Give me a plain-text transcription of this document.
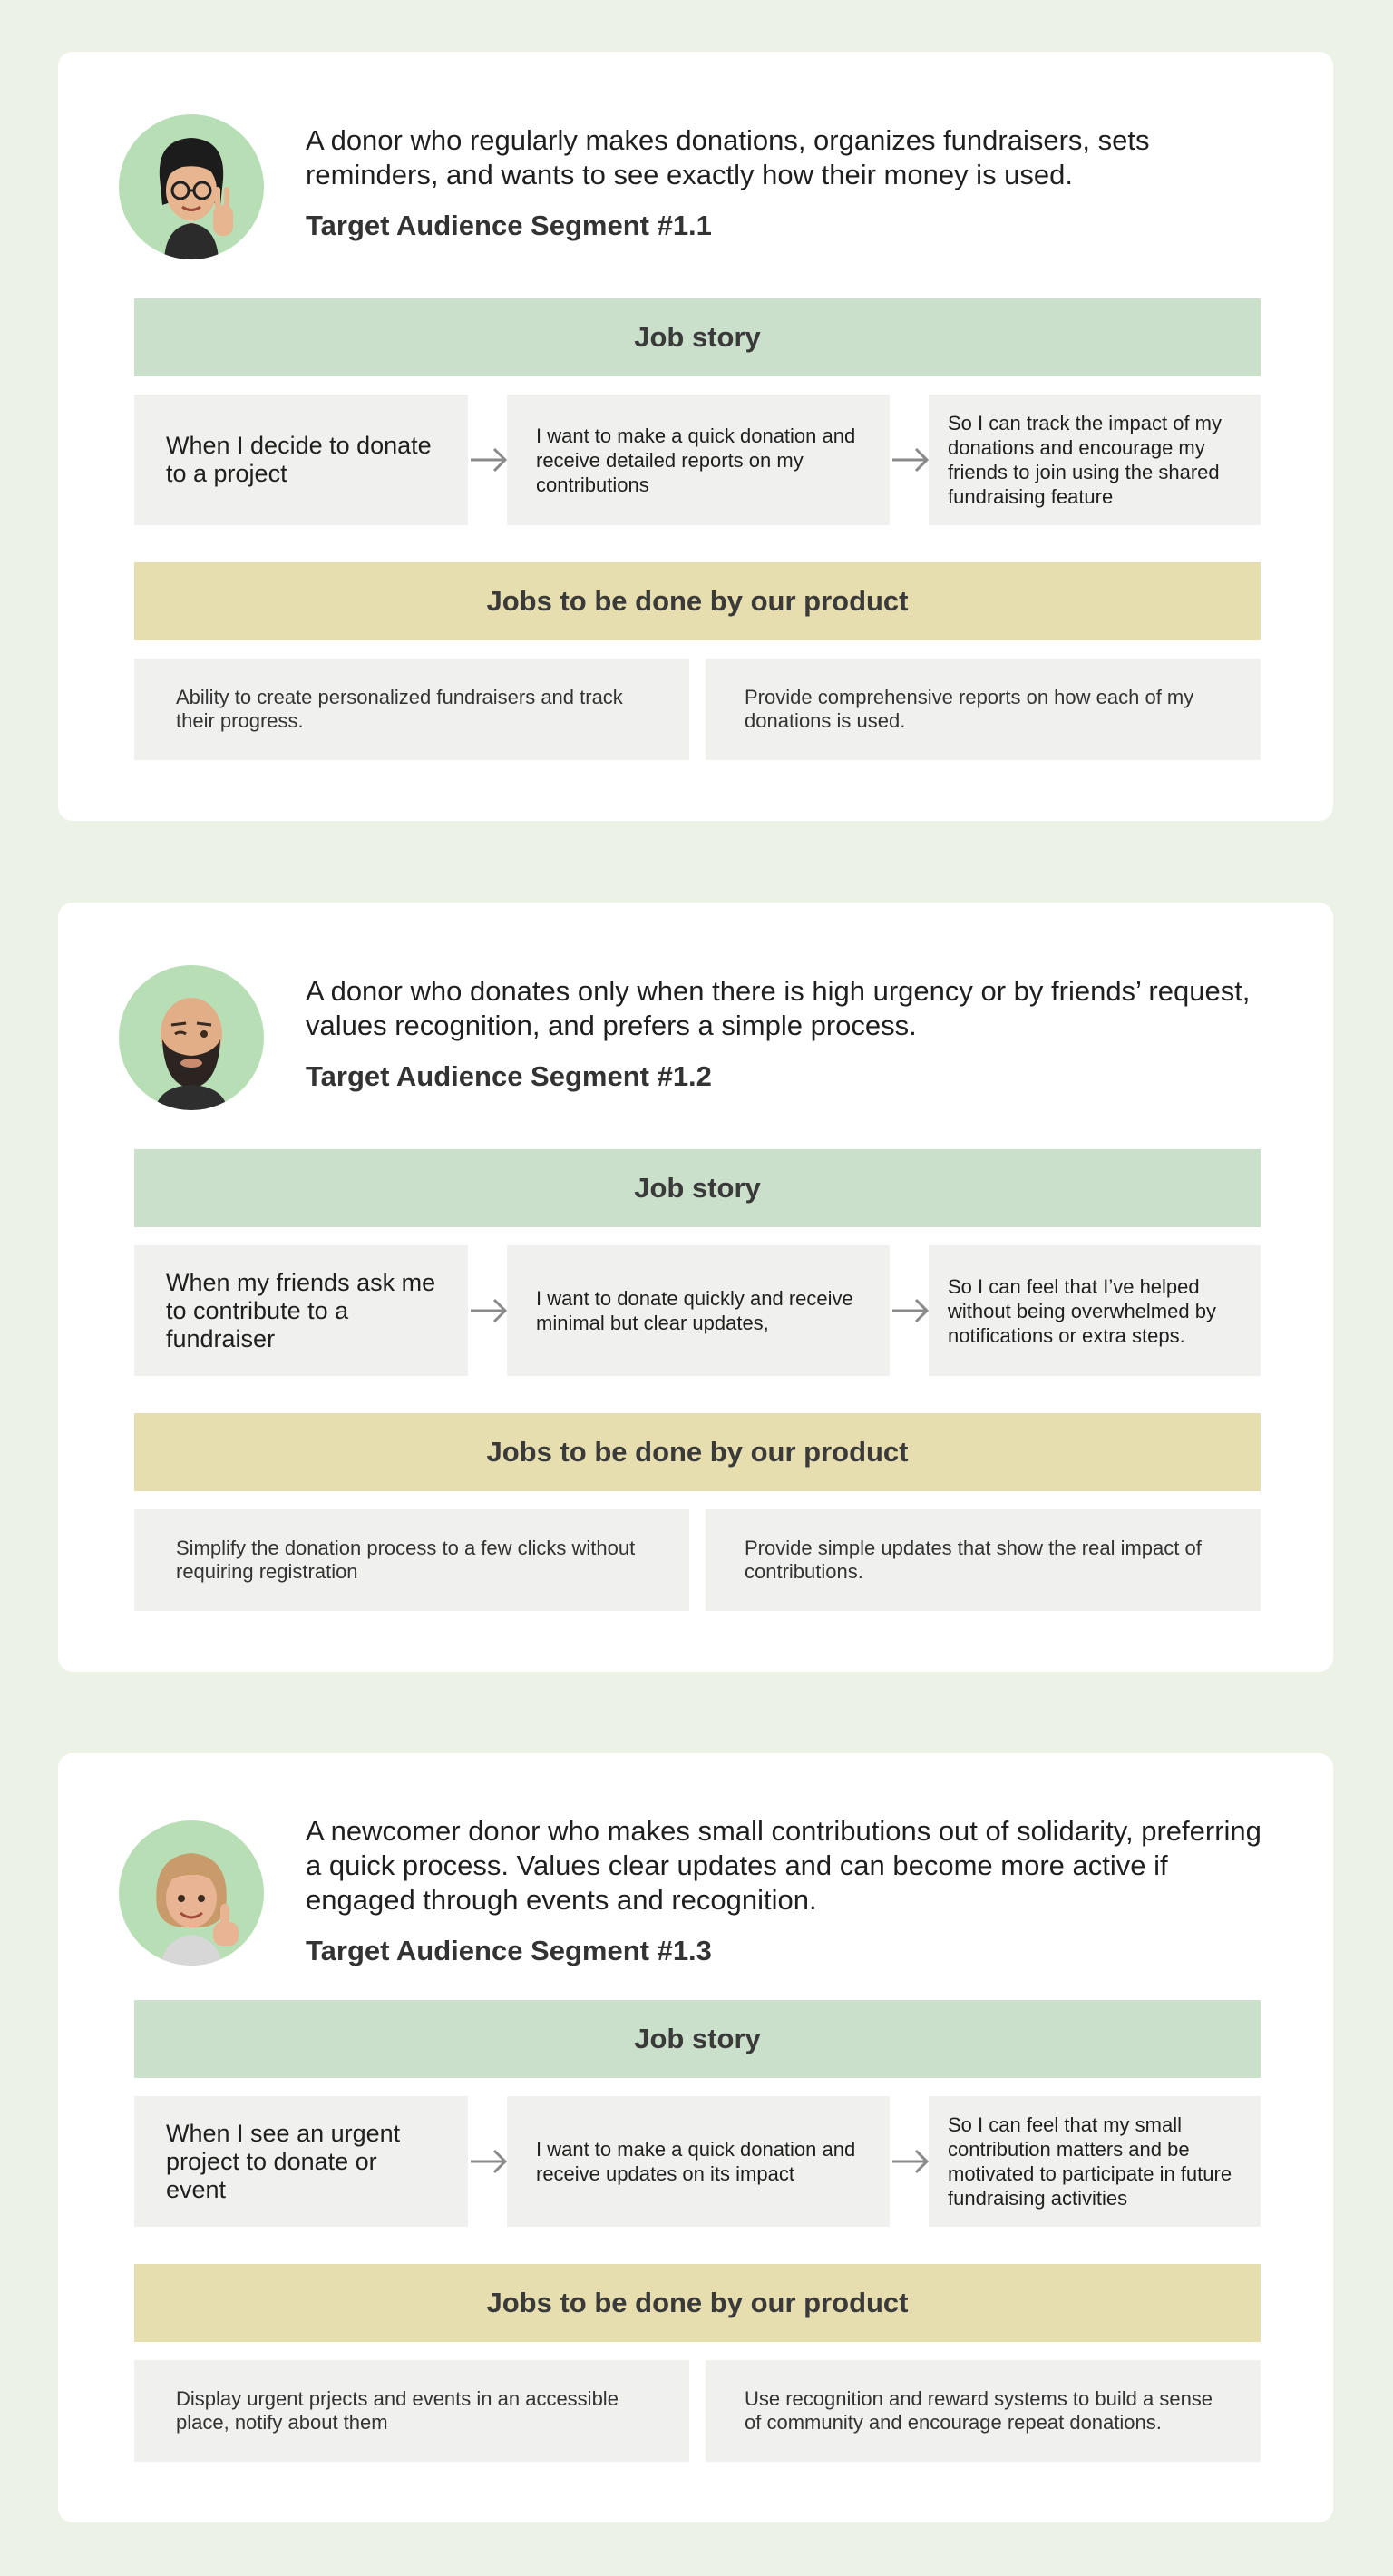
A donor who regularly makes donations, organizes fundraisers, sets reminders, and wants to see exactly how their money is used.
Target Audience Segment #1.1
Job story
When I decide to donate to a project
I want to make a quick donation and receive detailed reports on my contributions
So I can track the impact of my donations and encourage my friends to join using the shared fundraising feature
Jobs to be done by our product
Ability to create personalized fundraisers and track their progress.
Provide comprehensive reports on how each of my donations is used.
A donor who donates only when there is high urgency or by friends’ request, values recognition, and prefers a simple process.
Target Audience Segment #1.2
Job story
When my friends ask me to contribute to a fundraiser
I want to donate quickly and receive minimal but clear updates,
So I can feel that I’ve helped without being overwhelmed by notifications or extra steps.
Jobs to be done by our product
Simplify the donation process to a few clicks without requiring registration
Provide simple updates that show the real impact of contributions.
A newcomer donor who makes small contributions out of solidarity, preferring a quick process. Values clear updates and can become more active if engaged through events and recognition.
Target Audience Segment #1.3
Job story
When I see an urgent project to donate or event
I want to make a quick donation and receive updates on its impact
So I can feel that my small contribution matters and be motivated to participate in future fundraising activities
Jobs to be done by our product
Display urgent prjects and events in an accessible place, notify about them
Use recognition and reward systems to build a sense of community and encourage repeat donations.
